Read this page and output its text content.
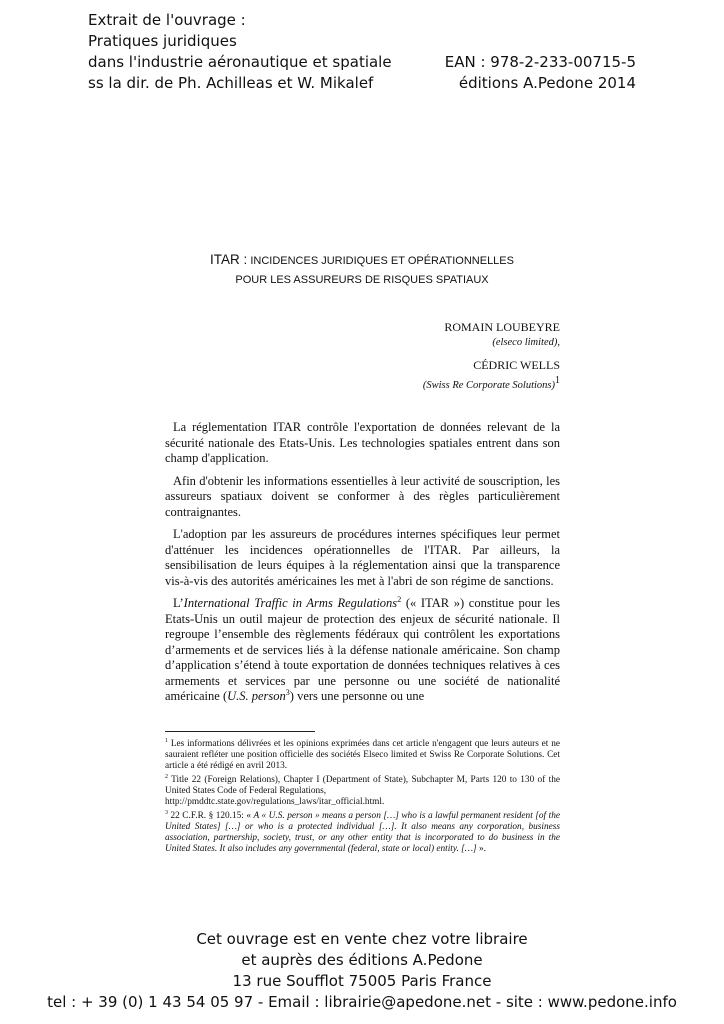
Extrait de l'ouvrage :
Pratiques juridiques
dans l'industrie aéronautique et spatiale
ss la dir. de Ph. Achilleas et W. Mikalef
EAN : 978-2-233-00715-5
éditions A.Pedone 2014
ITAR : INCIDENCES JURIDIQUES ET OPÉRATIONNELLES
POUR LES ASSUREURS DE RISQUES SPATIAUX
ROMAIN LOUBEYRE
(elseco limited),
CÉDRIC WELLS
(Swiss Re Corporate Solutions)$^1$

La réglementation ITAR contrôle l'exportation de données relevant de la sécurité nationale des Etats-Unis. Les technologies spatiales entrent dans son champ d'application.

Afin d'obtenir les informations essentielles à leur activité de souscription, les assureurs spatiaux doivent se conformer à des règles particulièrement contraignantes.

L'adoption par les assureurs de procédures internes spécifiques leur permet d'atténuer les incidences opérationnelles de l'ITAR. Par ailleurs, la sensibilisation de leurs équipes à la réglementation ainsi que la transparence vis-à-vis des autorités américaines les met à l'abri de son régime de sanctions.

L’International Traffic in Arms Regulations$^2$ (« ITAR ») constitue pour les Etats-Unis un outil majeur de protection des enjeux de sécurité nationale. Il regroupe l’ensemble des règlements fédéraux qui contrôlent les exportations d’armements et de services liés à la défense nationale américaine. Son champ d’application s’étend à toute exportation de données techniques relatives à ces armements et services par une personne ou une société de nationalité américaine (U.S. person$^3$) vers une personne ou une

$^1$ Les informations délivrées et les opinions exprimées dans cet article n'engagent que leurs auteurs et ne sauraient refléter une position officielle des sociétés Elseco limited et Swiss Re Corporate Solutions. Cet article a été rédigé en avril 2013.

$^2$ Title 22 (Foreign Relations), Chapter I (Department of State), Subchapter M, Parts 120 to 130 of the United States Code of Federal Regulations,
http://pmddtc.state.gov/regulations_laws/itar_official.html.

$^3$ 22 C.F.R. § 120.15: « A « U.S. person » means a person […] who is a lawful permanent resident [of the United States] […] or who is a protected individual […]. It also means any corporation, business association, partnership, society, trust, or any other entity that is incorporated to do business in the United States. It also includes any governmental (federal, state or local) entity. […] ».

Cet ouvrage est en vente chez votre libraire
et auprès des éditions A.Pedone
13 rue Soufflot 75005 Paris France
tel : + 39 (0) 1 43 54 05 97 - Email : librairie@apedone.net - site : www.pedone.info
